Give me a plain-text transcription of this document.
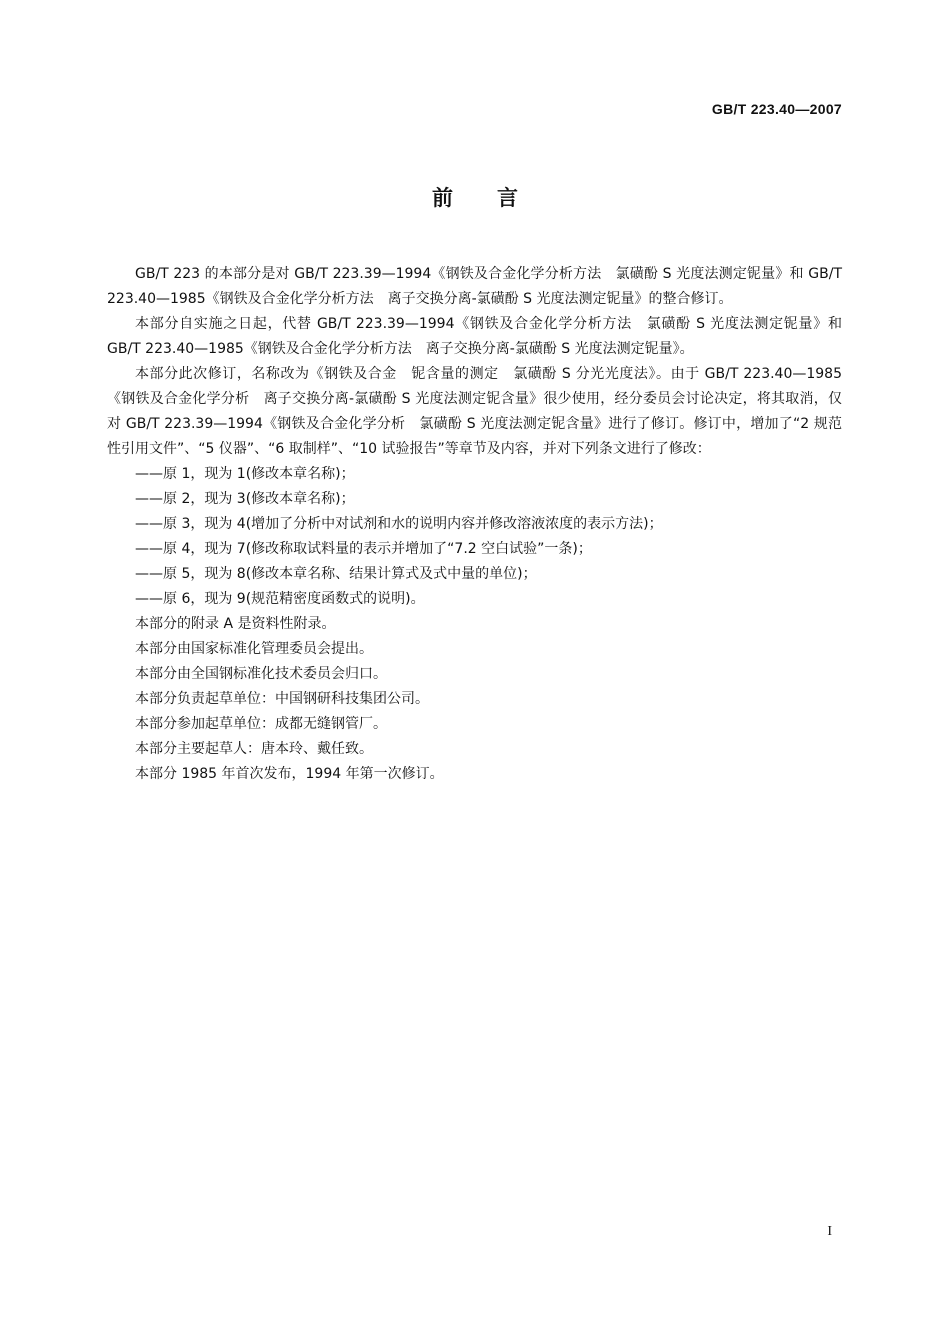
GB/T 223.40—2007
前言

GB/T 223 的本部分是对 GB/T 223.39—1994《钢铁及合金化学分析方法　氯磺酚 S 光度法测定铌量》和 GB/T 223.40—1985《钢铁及合金化学分析方法　离子交换分离-氯磺酚 S 光度法测定铌量》的整合修订。

本部分自实施之日起，代替 GB/T 223.39—1994《钢铁及合金化学分析方法　氯磺酚 S 光度法测定铌量》和 GB/T 223.40—1985《钢铁及合金化学分析方法　离子交换分离-氯磺酚 S 光度法测定铌量》。

本部分此次修订，名称改为《钢铁及合金　铌含量的测定　氯磺酚 S 分光光度法》。由于 GB/T 223.40—1985《钢铁及合金化学分析　离子交换分离-氯磺酚 S 光度法测定铌含量》很少使用，经分委员会讨论决定，将其取消，仅对 GB/T 223.39—1994《钢铁及合金化学分析　氯磺酚 S 光度法测定铌含量》进行了修订。修订中，增加了“2 规范性引用文件”、“5 仪器”、“6 取制样”、“10 试验报告”等章节及内容，并对下列条文进行了修改：

——原 1，现为 1(修改本章名称)；
——原 2，现为 3(修改本章名称)；
——原 3，现为 4(增加了分析中对试剂和水的说明内容并修改溶液浓度的表示方法)；
——原 4，现为 7(修改称取试料量的表示并增加了“7.2 空白试验”一条)；
——原 5，现为 8(修改本章名称、结果计算式及式中量的单位)；
——原 6，现为 9(规范精密度函数式的说明)。
本部分的附录 A 是资料性附录。
本部分由国家标准化管理委员会提出。
本部分由全国钢标准化技术委员会归口。
本部分负责起草单位：中国钢研科技集团公司。
本部分参加起草单位：成都无缝钢管厂。
本部分主要起草人：唐本玲、戴任致。
本部分 1985 年首次发布，1994 年第一次修订。
I
